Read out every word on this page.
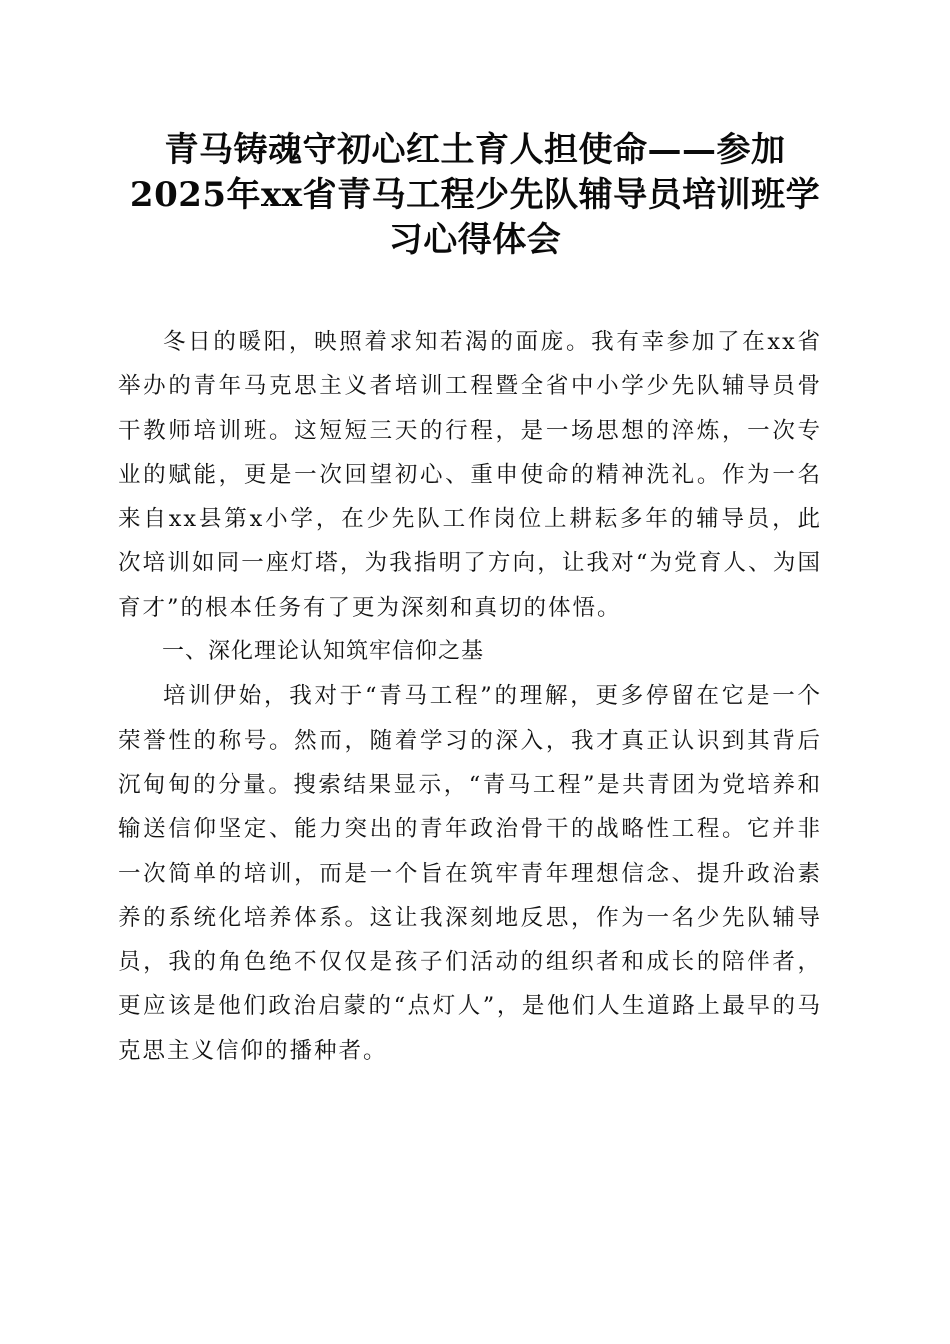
青马铸魂守初心红土育人担使命——参加
2025年xx省青马工程少先队辅导员培训班学
习心得体会

冬日的暖阳，映照着求知若渴的面庞。我有幸参加了在xx省举办的青年马克思主义者培训工程暨全省中小学少先队辅导员骨干教师培训班。这短短三天的行程，是一场思想的淬炼，一次专业的赋能，更是一次回望初心、重申使命的精神洗礼。作为一名来自xx县第x小学，在少先队工作岗位上耕耘多年的辅导员，此次培训如同一座灯塔，为我指明了方向，让我对“为党育人、为国育才”的根本任务有了更为深刻和真切的体悟。

一、深化理论认知筑牢信仰之基

培训伊始，我对于“青马工程”的理解，更多停留在它是一个荣誉性的称号。然而，随着学习的深入，我才真正认识到其背后沉甸甸的分量。搜索结果显示，“青马工程”是共青团为党培养和输送信仰坚定、能力突出的青年政治骨干的战略性工程。它并非一次简单的培训，而是一个旨在筑牢青年理想信念、提升政治素养的系统化培养体系。这让我深刻地反思，作为一名少先队辅导员，我的角色绝不仅仅是孩子们活动的组织者和成长的陪伴者，更应该是他们政治启蒙的“点灯人”，是他们人生道路上最早的马克思主义信仰的播种者。
